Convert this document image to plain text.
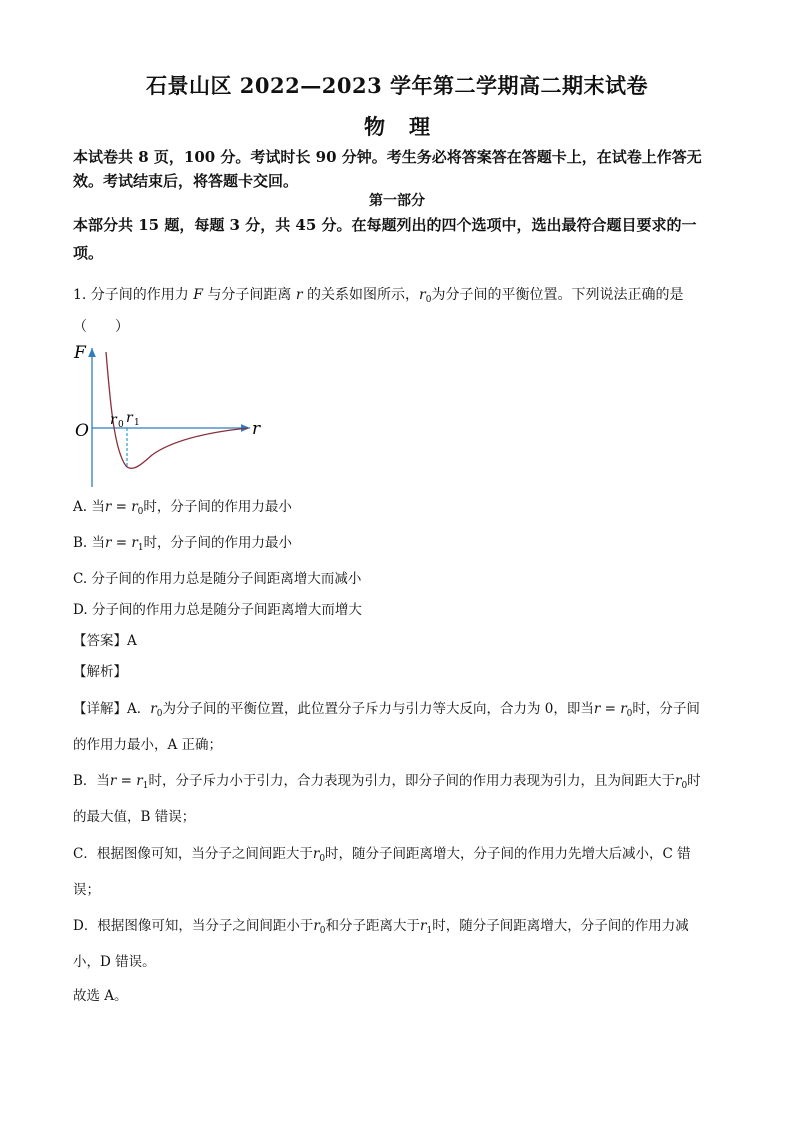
石景山区 2022—2023 学年第二学期高二期末试卷
物 理
本试卷共 8 页，100 分。考试时长 90 分钟。考生务必将答案答在答题卡上，在试卷上作答无
效。考试结束后，将答题卡交回。
第一部分
本部分共 15 题，每题 3 分，共 45 分。在每题列出的四个选项中，选出最符合题目要求的一
项。
1. 分子间的作用力 F 与分子间距离 r 的关系如图所示，$r_0$为分子间的平衡位置。下列说法正确的是
（　　）
F
r
O
r 0 r 1
A. 当$r = r_0$时，分子间的作用力最小
B. 当$r = r_1$时，分子间的作用力最小
C. 分子间的作用力总是随分子间距离增大而减小
D. 分子间的作用力总是随分子间距离增大而增大
【答案】A
【解析】
【详解】A．$r_0$为分子间的平衡位置，此位置分子斥力与引力等大反向，合力为 0，即当$r = r_0$时，分子间
的作用力最小，A 正确；
B．当$r = r_1$时，分子斥力小于引力，合力表现为引力，即分子间的作用力表现为引力，且为间距大于$r_0$时
的最大值，B 错误；
C．根据图像可知，当分子之间间距大于$r_0$时，随分子间距离增大，分子间的作用力先增大后减小，C 错
误；
D．根据图像可知，当分子之间间距小于$r_0$和分子距离大于$r_1$时，随分子间距离增大，分子间的作用力减
小，D 错误。
故选 A。
